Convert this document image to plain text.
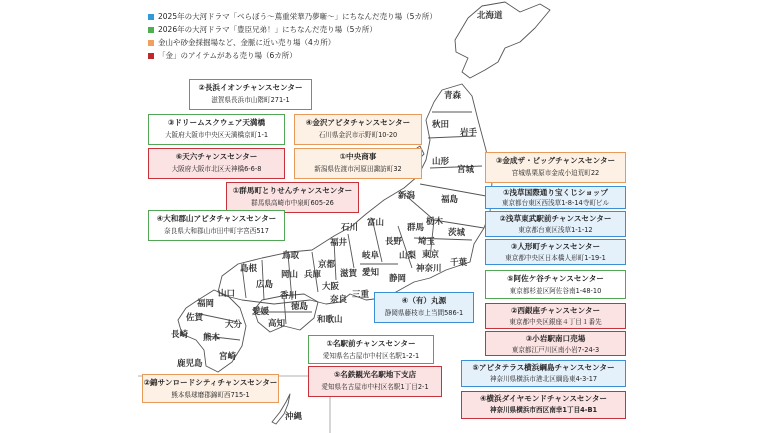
2025年の大河ドラマ「べらぼう～蔦重栄華乃夢噺～」にちなんだ売り場（5カ所）
2026年の大河ドラマ「豊臣兄弟！」にちなんだ売り場（5カ所）
金山や砂金採掘場など、金脈に近い売り場（4カ所）
「金」のアイテムがある売り場（6カ所）
北海道
青森
秋田
岩手
山形
宮城
新潟	福島
石川 富山	群馬
栃木
茨城
福井	長野 埼玉
東京
千葉
山梨
神奈川
岐阜
鳥取
京都
滋賀 愛知
静岡
島根
岡山 兵庫
大阪
奈良 三重
山口
広島
香川
徳島
和歌山
福岡
愛媛
高知
佐賀
大分
長崎 熊本
宮崎
鹿児島
沖縄
②長浜イオンチャンスセンター
滋賀県長浜市山階町271-1
③ドリームスクウェア天満橋
大阪府大阪市中央区天満橋京町1-1
④金沢アピタチャンスセンター
石川県金沢市示野町10-20
⑥天六チャンスセンター
大阪府大阪市北区天神橋6-6-8
①中央商事
新潟県佐渡市河原田諏訪町32
③金成ザ・ビッグチャンスセンター
宮城県栗原市金成小迫荒町22
①群馬町とりせんチャンスセンター
群馬県高崎市中泉町605-26
①浅草国際通り宝くじショップ
東京都台東区西浅草1-8-14寺町ビル
②浅草東武駅前チャンスセンター
東京都台東区浅草1-1-12
④大和郡山アピタチャンスセンター
奈良県大和郡山市田中町字宮西517
③人形町チャンスセンター
東京都中央区日本橋人形町1-19-1
⑤阿佐ケ谷チャンスセンター
東京都杉並区阿佐谷南1-48-10
④（有）丸源
静岡県藤枝市上当間586-1	②西銀座チャンスセンター
東京都中央区銀座４丁目１番先
③小岩駅南口売場
東京都江戸川区南小岩7-24-3
①名駅前チャンスセンター
愛知県名古屋市中村区名駅1-2-1
⑤名鉄観光名駅地下支店
愛知県名古屋市中村区名駅1丁目2-1
⑤アピタテラス横浜綱島チャンスセンター
神奈川県横浜市港北区綱島東4-3-17
②錦サンロードシティチャンスセンター
熊本県球磨郡錦町西715-1	④横浜ダイヤモンドチャンスセンター
神奈川県横浜市西区南幸1丁目4-B1
